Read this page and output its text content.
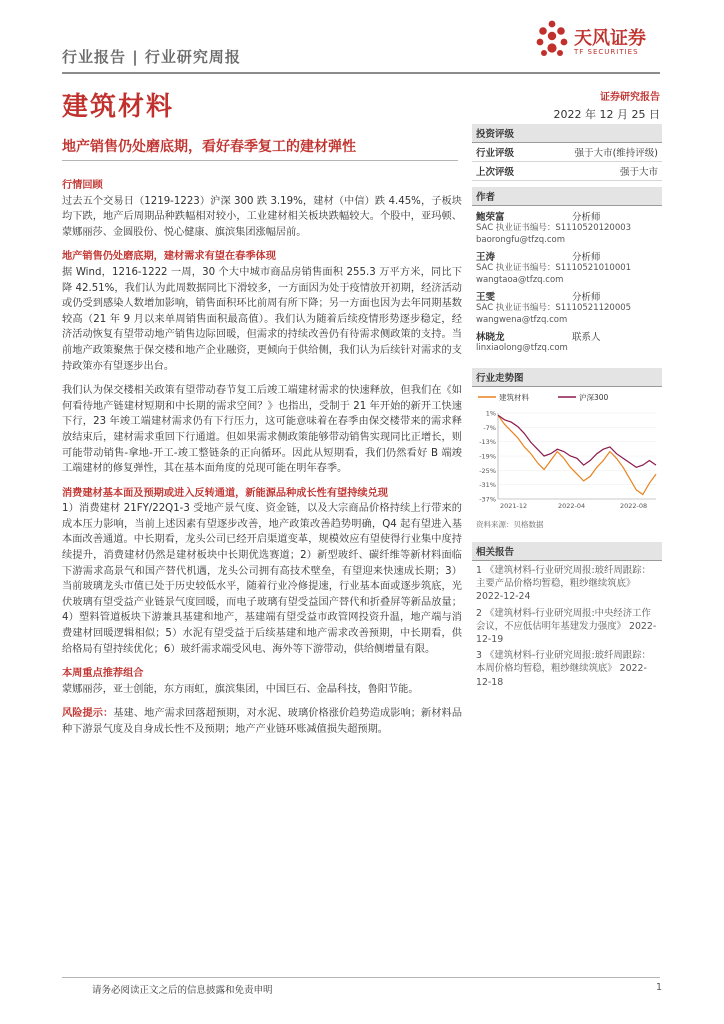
行业报告 | 行业研究周报
天风证券
TF SECURITIES
建筑材料	证券研究报告
2022 年 12 月 25 日
地产销售仍处磨底期，看好春季复工的建材弹性
行情回顾

过去五个交易日（1219-1223）沪深 300 跌 3.19%，建材（中信）跌 4.45%，子板块均下跌，地产后周期品种跌幅相对较小，工业建材相关板块跌幅较大。个股中，亚玛顿、蒙娜丽莎、金圆股份、悦心健康、旗滨集团涨幅居前。

地产销售仍处磨底期，建材需求有望在春季体现

据 Wind，1216-1222 一周，30 个大中城市商品房销售面积 255.3 万平方米，同比下降 42.51%，我们认为此周数据同比下滑较多，一方面因为处于疫情放开初期，经济活动或仍受到感染人数增加影响，销售面积环比前周有所下降；另一方面也因为去年同期基数较高（21 年 9 月以来单周销售面积最高值）。我们认为随着后续疫情形势逐步稳定，经济活动恢复有望带动地产销售边际回暖，但需求的持续改善仍有待需求侧政策的支持。当前地产政策聚焦于保交楼和地产企业融资，更倾向于供给侧，我们认为后续针对需求的支持政策亦有望逐步出台。

我们认为保交楼相关政策有望带动春节复工后竣工端建材需求的快速释放，但我们在《如何看待地产链建材短期和中长期的需求空间？》也指出，受制于 21 年开始的新开工快速下行，23 年竣工端建材需求仍有下行压力，这可能意味着在春季由保交楼带来的需求释放结束后，建材需求重回下行通道。但如果需求侧政策能够带动销售实现同比正增长，则可能带动销售-拿地-开工-竣工整链条的正向循环。因此从短期看，我们仍然看好 B 端竣工端建材的修复弹性，其在基本面角度的兑现可能在明年春季。

消费建材基本面及预期或进入反转通道，新能源品种成长性有望持续兑现

1）消费建材 21FY/22Q1-3 受地产景气度、资金链，以及大宗商品价格持续上行带来的成本压力影响，当前上述因素有望逐步改善，地产政策改善趋势明确，Q4 起有望进入基本面改善通道。中长期看，龙头公司已经开启渠道变革，规模效应有望使得行业集中度持续提升，消费建材仍然是建材板块中长期优选赛道；2）新型玻纤、碳纤维等新材料面临下游需求高景气和国产替代机遇，龙头公司拥有高技术壁垒，有望迎来快速成长期；3）当前玻璃龙头市值已处于历史较低水平，随着行业冷修提速，行业基本面或逐步筑底，光伏玻璃有望受益产业链景气度回暖，而电子玻璃有望受益国产替代和折叠屏等新品放量；4）塑料管道板块下游兼具基建和地产，基建端有望受益市政管网投资升温，地产端与消费建材回暖逻辑相似；5）水泥有望受益于后续基建和地产需求改善预期，中长期看，供给格局有望持续优化；6）玻纤需求端受风电、海外等下游带动，供给侧增量有限。

本周重点推荐组合

蒙娜丽莎，亚士创能，东方雨虹，旗滨集团，中国巨石、金晶科技，鲁阳节能。

风险提示：基建、地产需求回落超预期，对水泥、玻璃价格涨价趋势造成影响；新材料品种下游景气度及自身成长性不及预期；地产产业链环账减值损失超预期。

投资评级
行业评级	强于大市(维持评级)
上次评级	强于大市
作者
鲍荣富	分析师
SAC 执业证书编号：S1110520120003
baorongfu@tfzq.com
王涛	分析师
SAC 执业证书编号：S1110521010001
wangtaoa@tfzq.com
王雯	分析师
SAC 执业证书编号：S1110521120005
wangwena@tfzq.com
林晓龙	联系人
linxiaolong@tfzq.com
行业走势图
建筑材料	沪深300
1%
-7%
-13%
-19%
-25%
-31%
-37%
2021-12	2022-04	2022-08
资料来源：贝格数据
相关报告
1 《建筑材料-行业研究周报:玻纤周跟踪：主要产品价格均暂稳，粗纱继续筑底》 2022-12-24
2 《建筑材料-行业研究周报:中央经济工作会议，不应低估明年基建发力强度》 2022-12-19
3 《建筑材料-行业研究周报:玻纤周跟踪：本周价格均暂稳，粗纱继续筑底》 2022-12-18
请务必阅读正文之后的信息披露和免责申明	1
